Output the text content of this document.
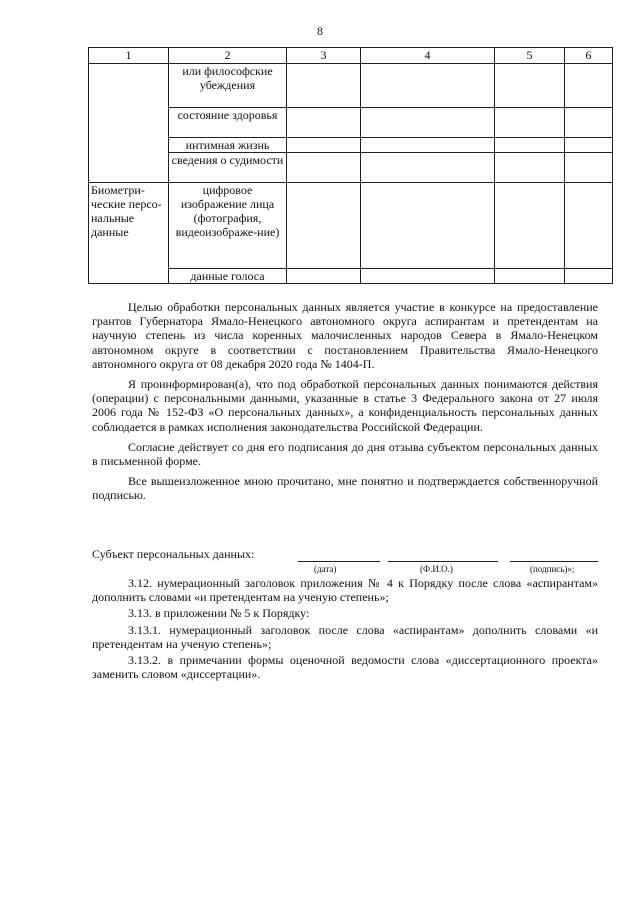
8
1	2	3	4	5	6
	или философские убеждения				
	состояние здоровья				
	интимная жизнь				
	сведения о судимости				
Биометри-ческие персо-нальные данные	цифровое изображение лица (фотография, видеоизображе-ние)				
	данные голоса				

Целью обработки персональных данных является участие в конкурсе на предоставление грантов Губернатора Ямало-Ненецкого автономного округа аспирантам и претендентам на научную степень из числа коренных малочисленных народов Севера в Ямало-Ненецком автономном округе в соответствии с постановлением Правительства Ямало-Ненецкого автономного округа от 08 декабря 2020 года № 1404-П.

Я проинформирован(а), что под обработкой персональных данных понимаются действия (операции) с персональными данными, указанные в статье 3 Федерального закона от 27 июля 2006 года № 152-ФЗ «О персональных данных», а конфиденциальность персональных данных соблюдается в рамках исполнения законодательства Российской Федерации.

Согласие действует со дня его подписания до дня отзыва субъектом персональных данных в письменной форме.

Все вышеизложенное мною прочитано, мне понятно и подтверждается собственноручной подписью.

Субъект персональных данных:
(дата)	(Ф.И.О.)	(подпись)»;

3.12. нумерационный заголовок приложения № 4 к Порядку после слова «аспирантам» дополнить словами «и претендентам на ученую степень»;

3.13. в приложении № 5 к Порядку:

3.13.1. нумерационный заголовок после слова «аспирантам» дополнить словами «и претендентам на ученую степень»;

3.13.2. в примечании формы оценочной ведомости слова «диссертационного проекта» заменить словом «диссертации».
